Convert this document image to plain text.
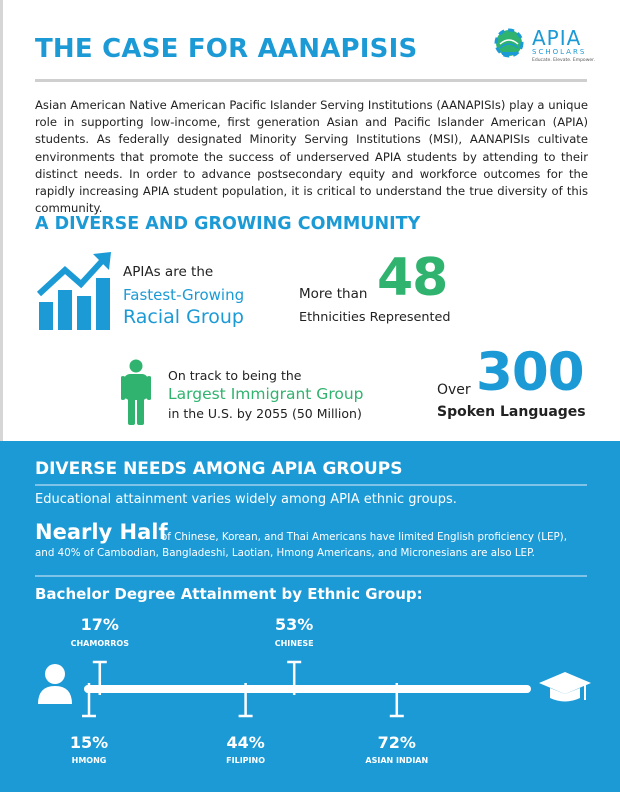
THE CASE FOR AANAPISIS	APIA
SCHOLARS
Educate. Elevate. Empower.

Asian American Native American Pacific Islander Serving Institutions (AANAPISIs) play a unique role in supporting low-income, first generation Asian and Pacific Islander American (APIA) students. As federally designated Minority Serving Institutions (MSI), AANAPISIs cultivate environments that promote the success of underserved APIA students by attending to their distinct needs. In order to advance postsecondary equity and workforce outcomes for the rapidly increasing APIA student population, it is critical to understand the true diversity of this community.

A DIVERSE AND GROWING COMMUNITY
APIAs are the
Fastest-Growing
Racial Group
More than 48
Ethnicities Represented
On track to being the
Largest Immigrant Group
in the U.S. by 2055 (50 Million)
Over 300
Spoken Languages
DIVERSE NEEDS AMONG APIA GROUPS
Educational attainment varies widely among APIA ethnic groups.
Nearly Half
of Chinese, Korean, and Thai Americans have limited English proficiency (LEP),
and 40% of Cambodian, Bangladeshi, Laotian, Hmong Americans, and Micronesians are also LEP.
Bachelor Degree Attainment by Ethnic Group:
15%
HMONG
17%
CHAMORROS
44%
FILIPINO
53%
CHINESE
72%
ASIAN INDIAN
